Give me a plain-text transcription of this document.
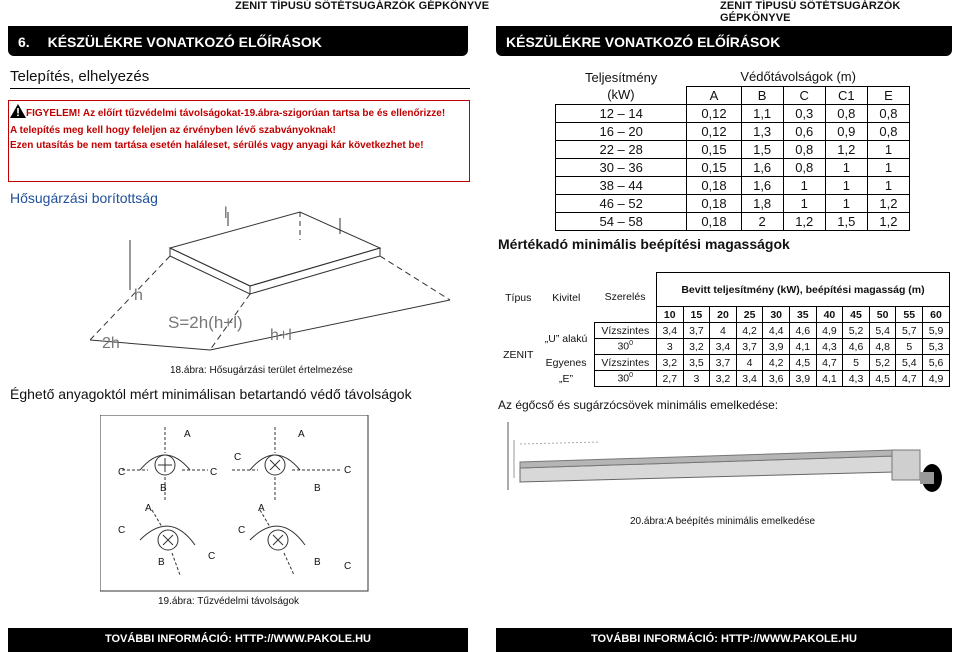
ZENIT TÍPUSÚ SÖTÉTSUGÁRZÓK GÉPKÖNYVE	ZENIT TÍPUSÚ SÖTÉTSUGÁRZÓK GÉPKÖNYVE
6. KÉSZÜLÉKRE VONATKOZÓ ELŐÍRÁSOK	KÉSZÜLÉKRE VONATKOZÓ ELŐÍRÁSOK
Telepítés, elhelyezés
FIGYELEM! Az előírt tűzvédelmi távolságokat-19.ábra-szigorúan tartsa be és ellenőrizze!
A telepítés meg kell hogy feleljen az érvényben lévő szabványoknak!
Ezen utasítás be nem tartása esetén haláleset, sérülés vagy anyagi kár következhet be!
Hősugárzási borítottság
h
2h
S=2h(h+l)
h+l
l
18.ábra: Hősugárzási terület értelmezése
Éghető anyagoktól mért minimálisan betartandó védő távolságok
C	C
A
B
C
C
A
B
C
A
B
C
C
A
B C
19.ábra: Tűzvédelmi távolságok
TOVÁBBI INFORMÁCIÓ: HTTP://WWW.PAKOLE.HU
Teljesítmény	Védőtávolságok (m)				
(kW)	A	B	C	C1	E
12 – 14	0,12	1,1	0,3	0,8	0,8
16 – 20	0,12	1,3	0,6	0,9	0,8
22 – 28	0,15	1,5	0,8	1,2	1
30 – 36	0,15	1,6	0,8	1	1
38 – 44	0,18	1,6	1	1	1
46 – 52	0,18	1,8	1	1	1,2
54 – 58	0,18	2	1,2	1,5	1,2
Mértékadó minimális beépítési magasságok
Típus	Kivitel	Szerelés	Bevitt teljesítmény (kW), beépítési magasság (m)										
			10	15	20	25	30	35	40	45	50	55	60
ZENIT	„U” alakú	Vízszintes	3,4	3,7	4	4,2	4,4	4,6	4,9	5,2	5,4	5,7	5,9
		$30^0$	3	3,2	3,4	3,7	3,9	4,1	4,3	4,6	4,8	5	5,3
	Egyenes	Vízszintes	3,2	3,5	3,7	4	4,2	4,5	4,7	5	5,2	5,4	5,6
	„E”	$30^0$	2,7	3	3,2	3,4	3,6	3,9	4,1	4,3	4,5	4,7	4,9
Az égőcső és sugárzócsövek minimális emelkedése:
20.ábra:A beépítés minimális emelkedése
TOVÁBBI INFORMÁCIÓ: HTTP://WWW.PAKOLE.HU
